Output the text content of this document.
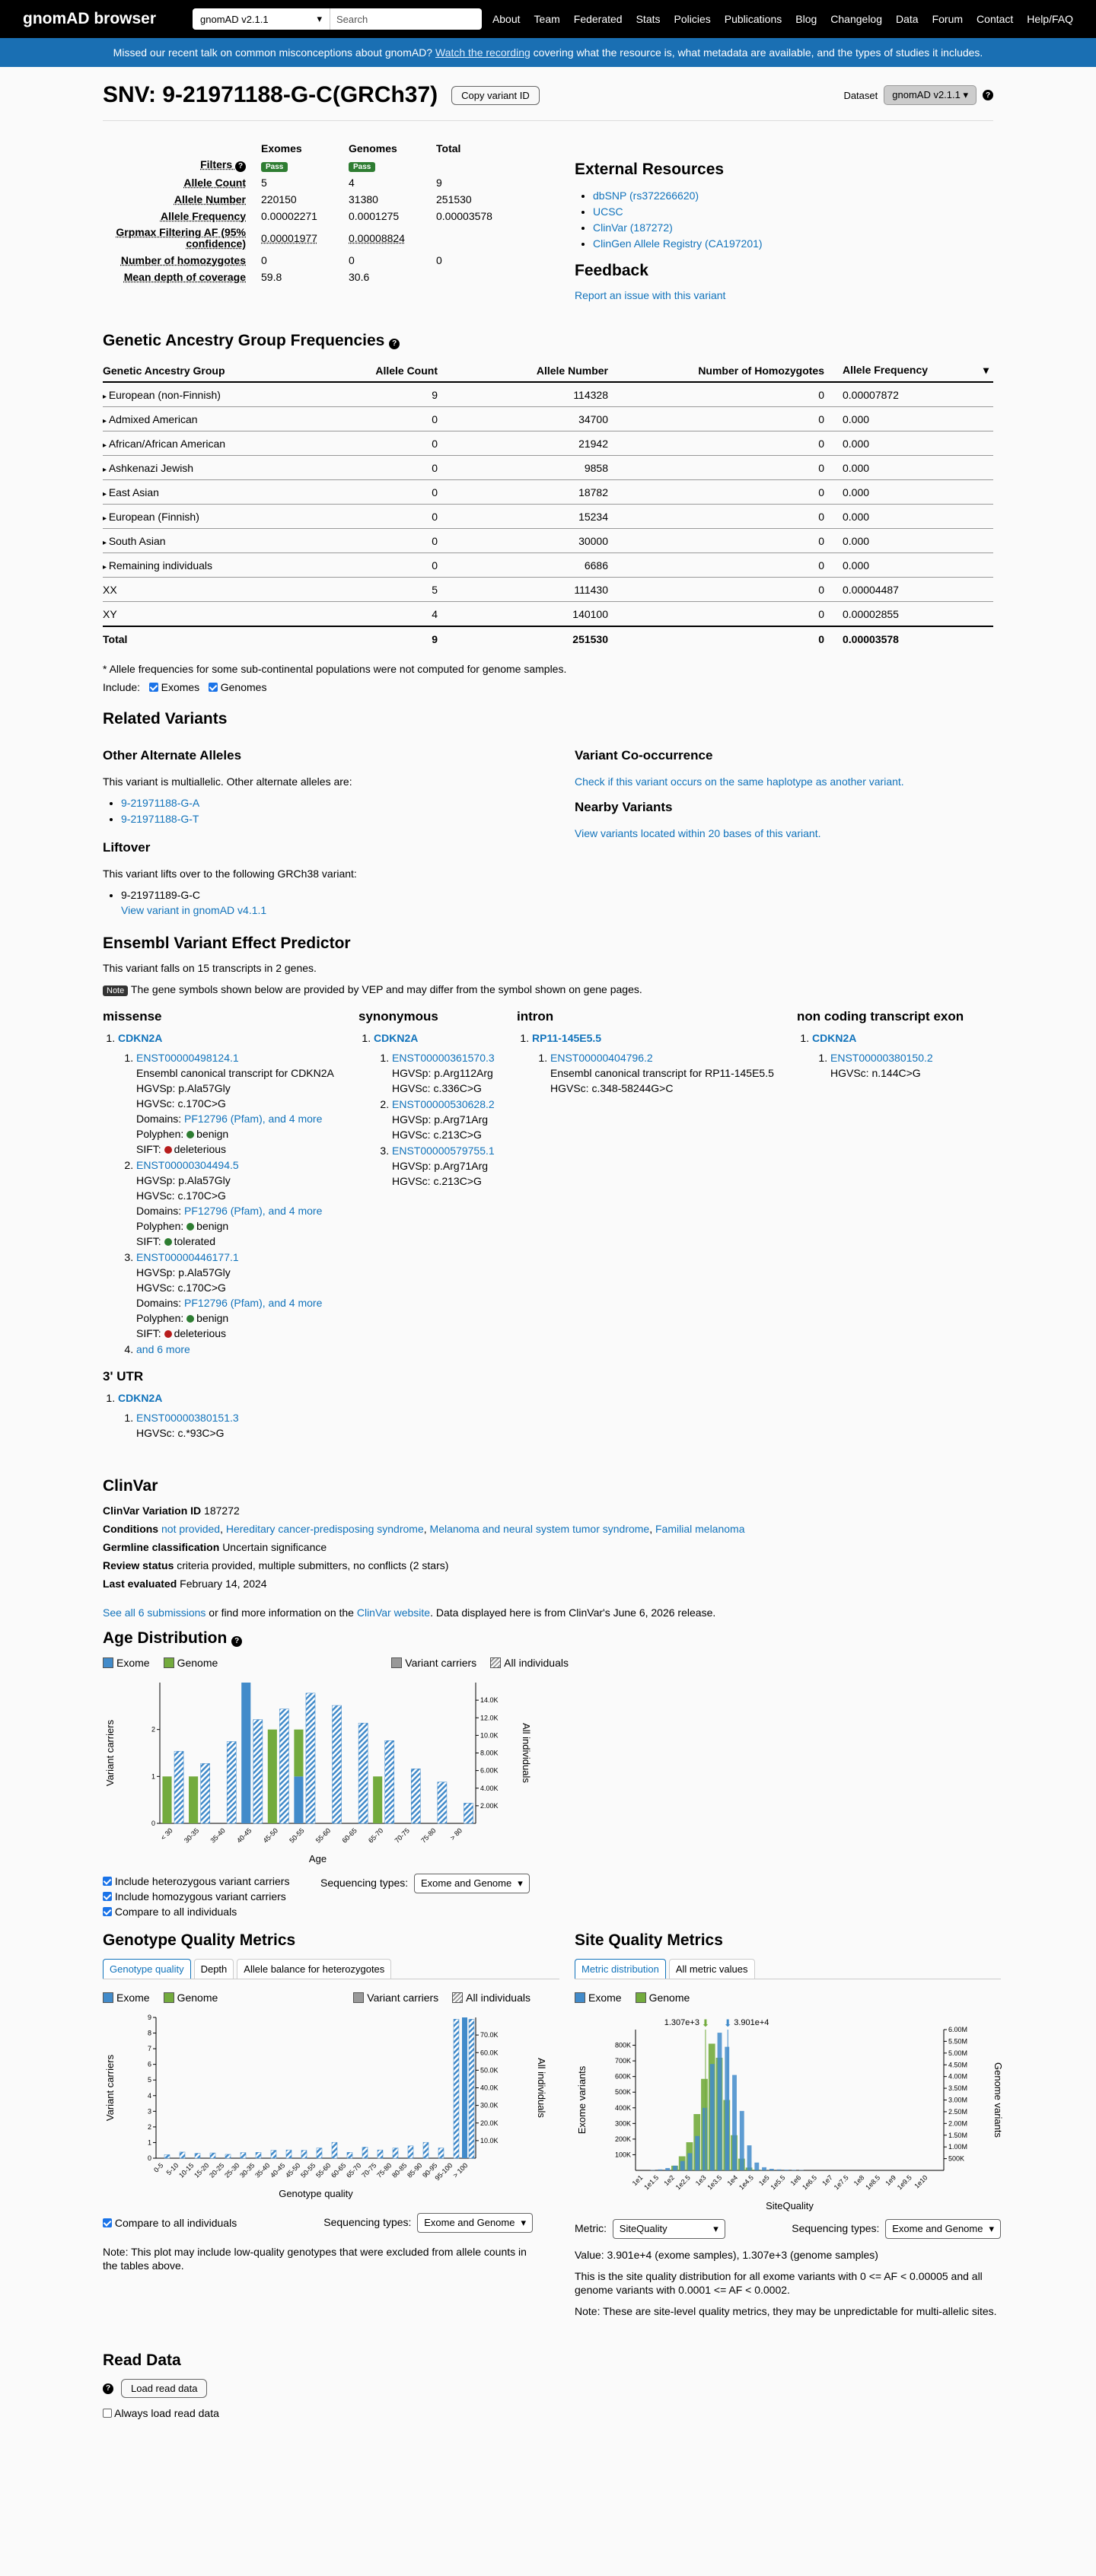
gnomAD browser	gnomAD v2.1.1	▾ Search	About Team Federated Stats Policies Publications Blog Changelog Data Forum Contact Help/FAQ
Missed our recent talk on common misconceptions about gnomAD? Watch the recording covering what the resource is, what metadata are available, and the types of studies it includes.
SNV: 9-21971188-G-C(GRCh37)	Copy variant ID	Dataset	gnomAD v2.1.1 ▾	?
	Exomes	Genomes	Total
Filters ?	Pass	Pass	
Allele Count	5	4	9
Allele Number	220150	31380	251530
Allele Frequency	0.00002271	0.0001275	0.00003578
Grpmax Filtering AF (95% confidence)	0.00001977	0.00008824	
Number of homozygotes	0	0	0
Mean depth of coverage	59.8	30.6	
External Resources
• dbSNP (rs372266620)
• UCSC
• ClinVar (187272)
• ClinGen Allele Registry (CA197201)
Feedback
Report an issue with this variant
Genetic Ancestry Group Frequencies ?
Genetic Ancestry Group	Allele Count	Allele Number	Number of Homozygotes	Allele Frequency ▾

▸ European (non-Finnish)	9	114328	0	0.00007872
▸ Admixed American	0	34700	0	0.000
▸ African/African American	0	21942	0	0.000
▸ Ashkenazi Jewish	0	9858	0	0.000
▸ East Asian	0	18782	0	0.000
▸ European (Finnish)	0	15234	0	0.000
▸ South Asian	0	30000	0	0.000
▸ Remaining individuals	0	6686	0	0.000
XX	5	111430	0	0.00004487
XY	4	140100	0	0.00002855
Total	9	251530	0	0.00003578
* Allele frequencies for some sub-continental populations were not computed for genome samples.
Include: Exomes Genomes
Related Variants
Other Alternate Alleles
This variant is multiallelic. Other alternate alleles are:
• 9-21971188-G-A
• 9-21971188-G-T
Liftover
This variant lifts over to the following GRCh38 variant:
• 9-21971189-G-C
View variant in gnomAD v4.1.1
Variant Co-occurrence
Check if this variant occurs on the same haplotype as another variant.
Nearby Variants
View variants located within 20 bases of this variant.
Ensembl Variant Effect Predictor
This variant falls on 15 transcripts in 2 genes.
Note The gene symbols shown below are provided by VEP and may differ from the symbol shown on gene pages.
missense
1. CDKN2A
1. ENST00000498124.1
Ensembl canonical transcript for CDKN2A
HGVSp: p.Ala57Gly
HGVSc: c.170C>G
Domains: PF12796 (Pfam), and 4 more
Polyphen: benign
SIFT: deleterious
2. ENST00000304494.5
HGVSp: p.Ala57Gly
HGVSc: c.170C>G
Domains: PF12796 (Pfam), and 4 more
Polyphen: benign
SIFT: tolerated
3. ENST00000446177.1
HGVSp: p.Ala57Gly
HGVSc: c.170C>G
Domains: PF12796 (Pfam), and 4 more
Polyphen: benign
SIFT: deleterious
4. and 6 more
3' UTR
1. CDKN2A
1. ENST00000380151.3
HGVSc: c.*93C>G
synonymous
1. CDKN2A
1. ENST00000361570.3
HGVSp: p.Arg112Arg
HGVSc: c.336C>G
2. ENST00000530628.2
HGVSp: p.Arg71Arg
HGVSc: c.213C>G
3. ENST00000579755.1
HGVSp: p.Arg71Arg
HGVSc: c.213C>G
intron
1. RP11-145E5.5
1. ENST00000404796.2
Ensembl canonical transcript for RP11-145E5.5
HGVSc: c.348-58244G>C
non coding transcript exon
1. CDKN2A
1. ENST00000380150.2
HGVSc: n.144C>G
ClinVar
ClinVar Variation ID 187272
Conditions not provided, Hereditary cancer-predisposing syndrome, Melanoma and neural system tumor syndrome, Familial melanoma
Germline classification Uncertain significance
Review status criteria provided, multiple submitters, no conflicts (2 stars)
Last evaluated February 14, 2024
See all 6 submissions or find more information on the ClinVar website. Data displayed here is from ClinVar's June 6, 2026 release.
Age Distribution ?
Exome	Genome	Variant carriers	All individuals
0
1
2
2.00K
4.00K
6.00K
8.00K
10.0K
12.0K
14.0K
< 30 30-35 35-40 40-45 45-50 50-55 55-60 60-65 65-70 70-75 75-80 > 80
Age
Variant carriers	All individuals
Include heterozygous variant carriers
Include homozygous variant carriers
Compare to all individuals
Sequencing types: Exome and Genome ▾
Genotype Quality Metrics
Genotype quality	Depth	Allele balance for heterozygotes
Exome	Genome	Variant carriers	All individuals
0
1
2
3
4
5
6
7
8
9
10.0K
20.0K
30.0K
40.0K
50.0K
60.0K
70.0K
0-5 5-10
10-15
15-20
20-25
25-30
30-35
35-40
40-45
45-50
50-55
55-60
60-65
65-70
70-75
75-80
80-85
85-90
90-95
95-100
> 100
Genotype quality
Variant carriers	All individuals
Compare to all individuals	Sequencing types: Exome and Genome ▾
Note: This plot may include low-quality genotypes that were excluded from allele counts in the tables above.
Site Quality Metrics
Metric distribution	All metric values
Exome	Genome
100K
200K
300K
400K
500K
600K
700K
800K
500K
1.00M
1.50M
2.00M
2.50M
3.00M
3.50M
4.00M
4.50M
5.00M
5.50M
6.00M
1.307e+3 ⬇	3.901e+4
⬇
1e1
1e1.5 1e2
1e2.5 1e3
1e3.5 1e4
1e4.5 1e5
1e5.5 1e6
1e6.5 1e7
1e7.5 1e8
1e8.5 1e9
1e9.5 1e10
SiteQuality
Exome variants	Genome variants
Metric: SiteQuality	▾	Sequencing types: Exome and Genome ▾
Value: 3.901e+4 (exome samples), 1.307e+3 (genome samples)
This is the site quality distribution for all exome variants with 0 <= AF < 0.00005 and all genome variants with 0.0001 <= AF < 0.0002.
Note: These are site-level quality metrics, they may be unpredictable for multi-allelic sites.
Read Data
?	Load read data
Always load read data
